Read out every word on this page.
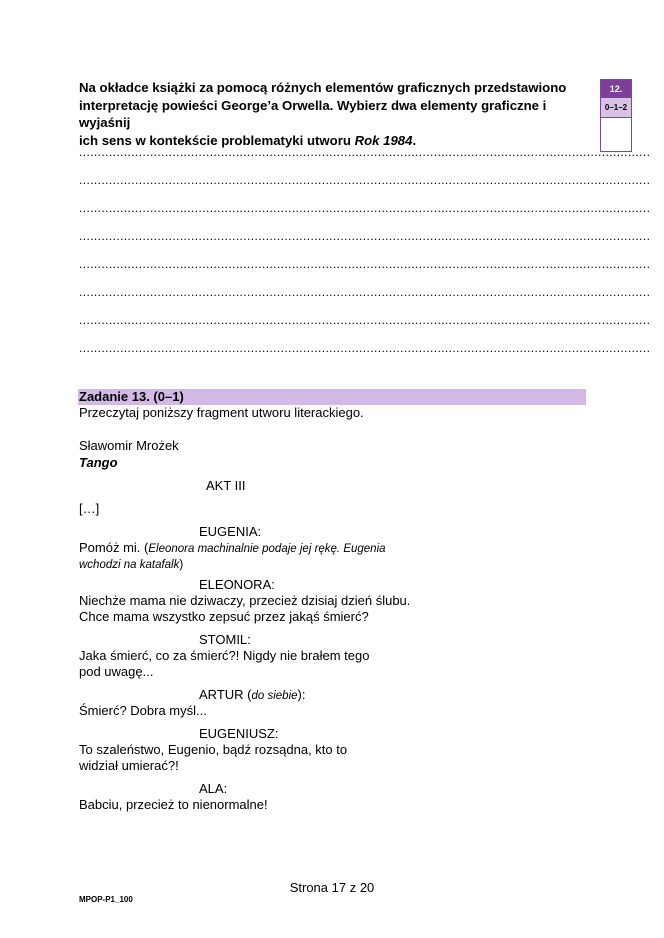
Na okładce książki za pomocą różnych elementów graficznych przedstawiono
interpretację powieści George’a Orwella. Wybierz dwa elementy graficzne i wyjaśnij
ich sens w kontekście problematyki utworu Rok 1984.
12.
0–1–2
.........................................................................................................................................................
.........................................................................................................................................................
.........................................................................................................................................................
.........................................................................................................................................................
.........................................................................................................................................................
.........................................................................................................................................................
.........................................................................................................................................................
.........................................................................................................................................................
Zadanie 13. (0–1)
Przeczytaj poniższy fragment utworu literackiego.
Sławomir Mrożek
Tango
AKT III
[…]
EUGENIA:
Pomóż mi. (Eleonora machinalnie podaje jej rękę. Eugenia
wchodzi na katafalk)
ELEONORA:
Niechże mama nie dziwaczy, przecież dzisiaj dzień ślubu.
Chce mama wszystko zepsuć przez jakąś śmierć?
STOMIL:
Jaka śmierć, co za śmierć?! Nigdy nie brałem tego
pod uwagę...
ARTUR (do siebie):
Śmierć? Dobra myśl...
EUGENIUSZ:
To szaleństwo, Eugenio, bądź rozsądna, kto to
widział umierać?!
ALA:
Babciu, przecież to nienormalne!
Strona 17 z 20
MPOP-P1_100
